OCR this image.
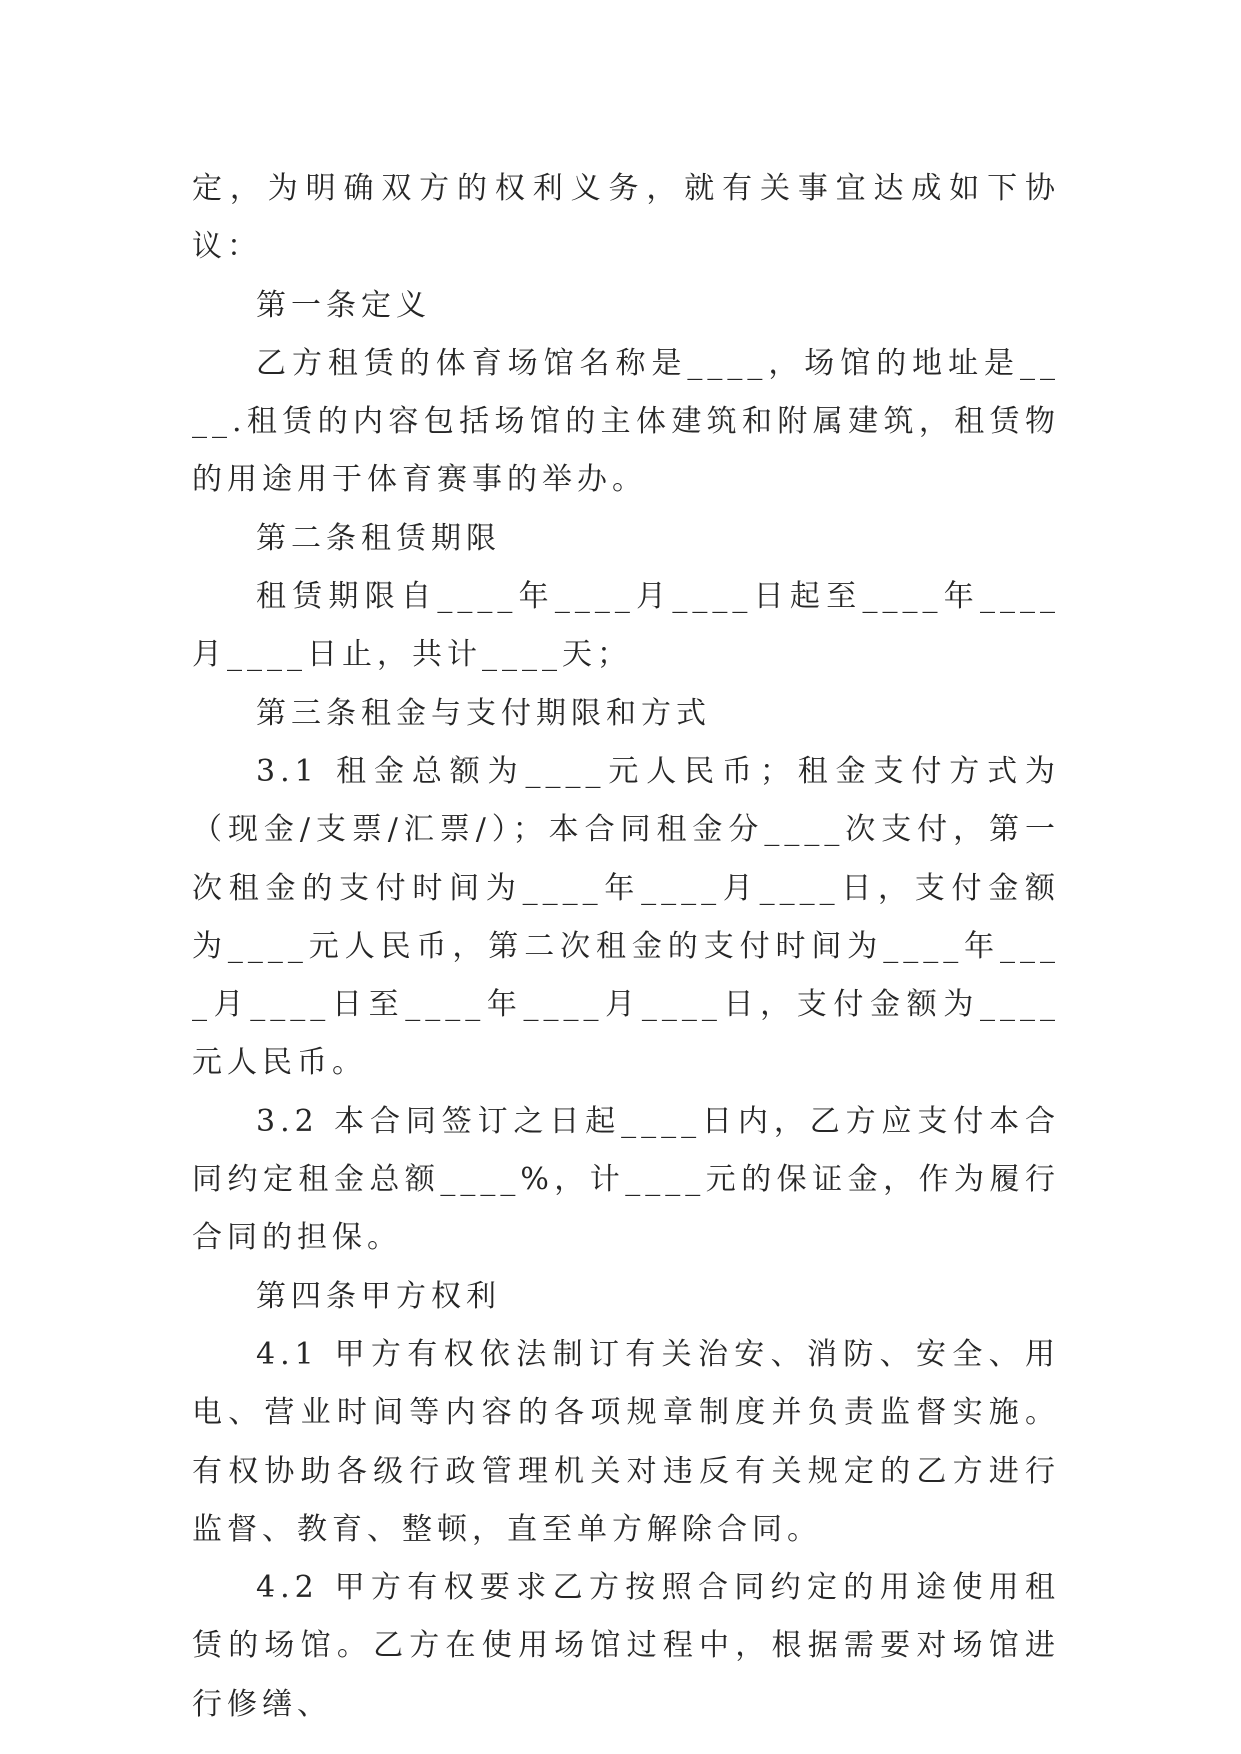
定，为明确双方的权利义务，就有关事宜达成如下协议：

第一条定义

乙方租赁的体育场馆名称是____，场馆的地址是____.租赁的内容包括场馆的主体建筑和附属建筑，租赁物的用途用于体育赛事的举办。

第二条租赁期限

租赁期限自____年____月____日起至____年____月____日止，共计____天；

第三条租金与支付期限和方式

3.1 租金总额为____元人民币；租金支付方式为（现金/支票/汇票/）；本合同租金分____次支付，第一次租金的支付时间为____年____月____日，支付金额为____元人民币，第二次租金的支付时间为____年____月____日至____年____月____日，支付金额为____元人民币。

3.2 本合同签订之日起____日内，乙方应支付本合同约定租金总额____%，计____元的保证金，作为履行合同的担保。

第四条甲方权利

4.1 甲方有权依法制订有关治安、消防、安全、用电、营业时间等内容的各项规章制度并负责监督实施。有权协助各级行政管理机关对违反有关规定的乙方进行监督、教育、整顿，直至单方解除合同。

4.2 甲方有权要求乙方按照合同约定的用途使用租赁的场馆。乙方在使用场馆过程中，根据需要对场馆进行修缮、
